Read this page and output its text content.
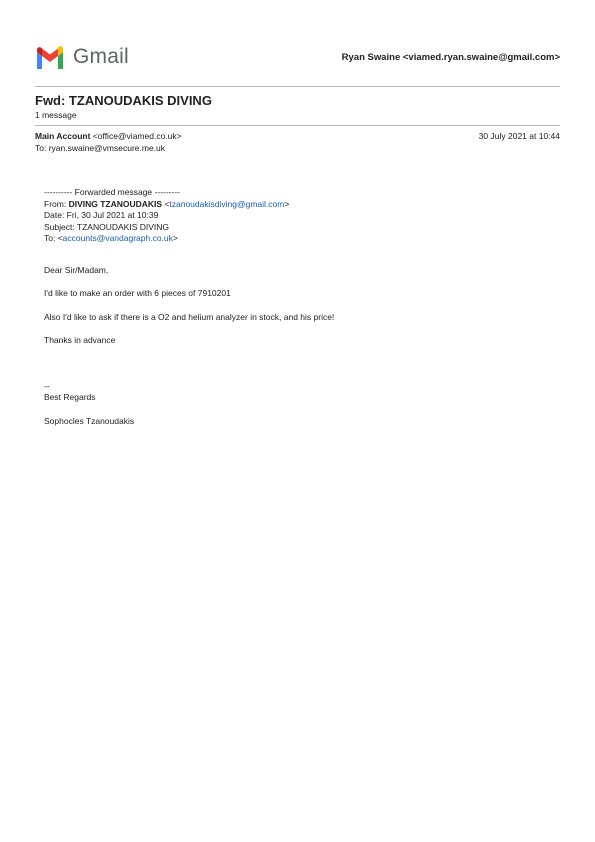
Gmail	Ryan Swaine <viamed.ryan.swaine@gmail.com>
Fwd: TZANOUDAKIS DIVING
1 message
Main Account <office@viamed.co.uk>	30 July 2021 at 10:44
To: ryan.swaine@vmsecure.me.uk
---------- Forwarded message ---------
From: DIVING TZANOUDAKIS <tzanoudakisdiving@gmail.com>
Date: Fri, 30 Jul 2021 at 10:39
Subject: TZANOUDAKIS DIVING
To: <accounts@vandagraph.co.uk>
Dear Sir/Madam,
I'd like to make an order with 6 pieces of 7910201
Also I'd like to ask if there is a O2 and helium analyzer in stock, and his price!
Thanks in advance
--
Best Regards
Sophocles Tzanoudakis
